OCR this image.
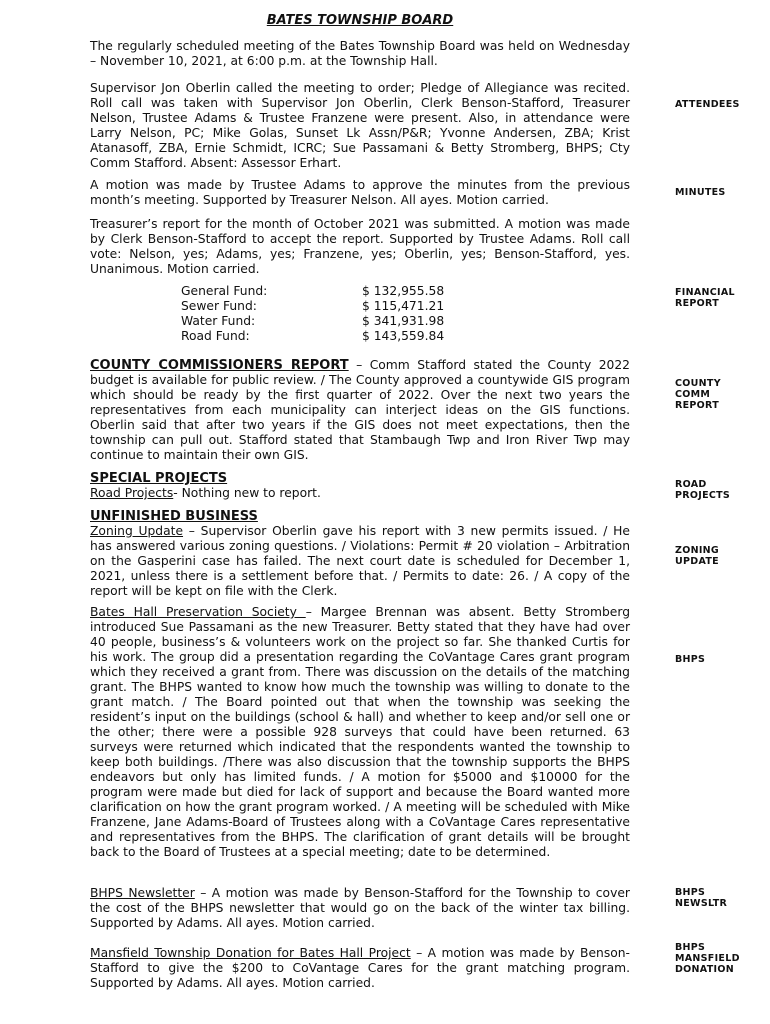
BATES TOWNSHIP BOARD

The regularly scheduled meeting of the Bates Township Board was held on Wednesday – November 10, 2021, at 6:00 p.m. at the Township Hall.

Supervisor Jon Oberlin called the meeting to order; Pledge of Allegiance was recited. Roll call was taken with Supervisor Jon Oberlin, Clerk Benson-Stafford, Treasurer Nelson, Trustee Adams & Trustee Franzene were present. Also, in attendance were Larry Nelson, PC; Mike Golas, Sunset Lk Assn/P&R; Yvonne Andersen, ZBA; Krist Atanasoff, ZBA, Ernie Schmidt, ICRC; Sue Passamani & Betty Stromberg, BHPS; Cty Comm Stafford. Absent: Assessor Erhart.

A motion was made by Trustee Adams to approve the minutes from the previous month’s meeting. Supported by Treasurer Nelson. All ayes. Motion carried.

Treasurer’s report for the month of October 2021 was submitted. A motion was made by Clerk Benson-Stafford to accept the report. Supported by Trustee Adams. Roll call vote: Nelson, yes; Adams, yes; Franzene, yes; Oberlin, yes; Benson-Stafford, yes. Unanimous. Motion carried.

General Fund:	$ 132,955.58
Sewer Fund:	$ 115,471.21
Water Fund:	$ 341,931.98
Road Fund:	$ 143,559.84

COUNTY COMMISSIONERS REPORT – Comm Stafford stated the County 2022 budget is available for public review. / The County approved a countywide GIS program which should be ready by the first quarter of 2022. Over the next two years the representatives from each municipality can interject ideas on the GIS functions. Oberlin said that after two years if the GIS does not meet expectations, then the township can pull out. Stafford stated that Stambaugh Twp and Iron River Twp may continue to maintain their own GIS.

SPECIAL PROJECTS
Road Projects- Nothing new to report.
UNFINISHED BUSINESS
Zoning Update – Supervisor Oberlin gave his report with 3 new permits issued. / He has answered various zoning questions. / Violations: Permit # 20 violation – Arbitration on the Gasperini case has failed. The next court date is scheduled for December 1, 2021, unless there is a settlement before that. / Permits to date: 26. / A copy of the report will be kept on file with the Clerk.

Bates Hall Preservation Society – Margee Brennan was absent. Betty Stromberg introduced Sue Passamani as the new Treasurer. Betty stated that they have had over 40 people, business’s & volunteers work on the project so far. She thanked Curtis for his work. The group did a presentation regarding the CoVantage Cares grant program which they received a grant from. There was discussion on the details of the matching grant. The BHPS wanted to know how much the township was willing to donate to the grant match. / The Board pointed out that when the township was seeking the resident’s input on the buildings (school & hall) and whether to keep and/or sell one or the other; there were a possible 928 surveys that could have been returned. 63 surveys were returned which indicated that the respondents wanted the township to keep both buildings. /There was also discussion that the township supports the BHPS endeavors but only has limited funds. / A motion for $5000 and $10000 for the program were made but died for lack of support and because the Board wanted more clarification on how the grant program worked. / A meeting will be scheduled with Mike Franzene, Jane Adams-Board of Trustees along with a CoVantage Cares representative and representatives from the BHPS. The clarification of grant details will be brought back to the Board of Trustees at a special meeting; date to be determined.

BHPS Newsletter – A motion was made by Benson-Stafford for the Township to cover the cost of the BHPS newsletter that would go on the back of the winter tax billing. Supported by Adams. All ayes. Motion carried.

Mansfield Township Donation for Bates Hall Project – A motion was made by Benson-Stafford to give the $200 to CoVantage Cares for the grant matching program. Supported by Adams. All ayes. Motion carried.

ATTENDEES
MINUTES
FINANCIAL REPORT
COUNTY COMM REPORT
ROAD PROJECTS
ZONING UPDATE
BHPS
BHPS NEWSLTR
BHPS MANSFIELD DONATION
